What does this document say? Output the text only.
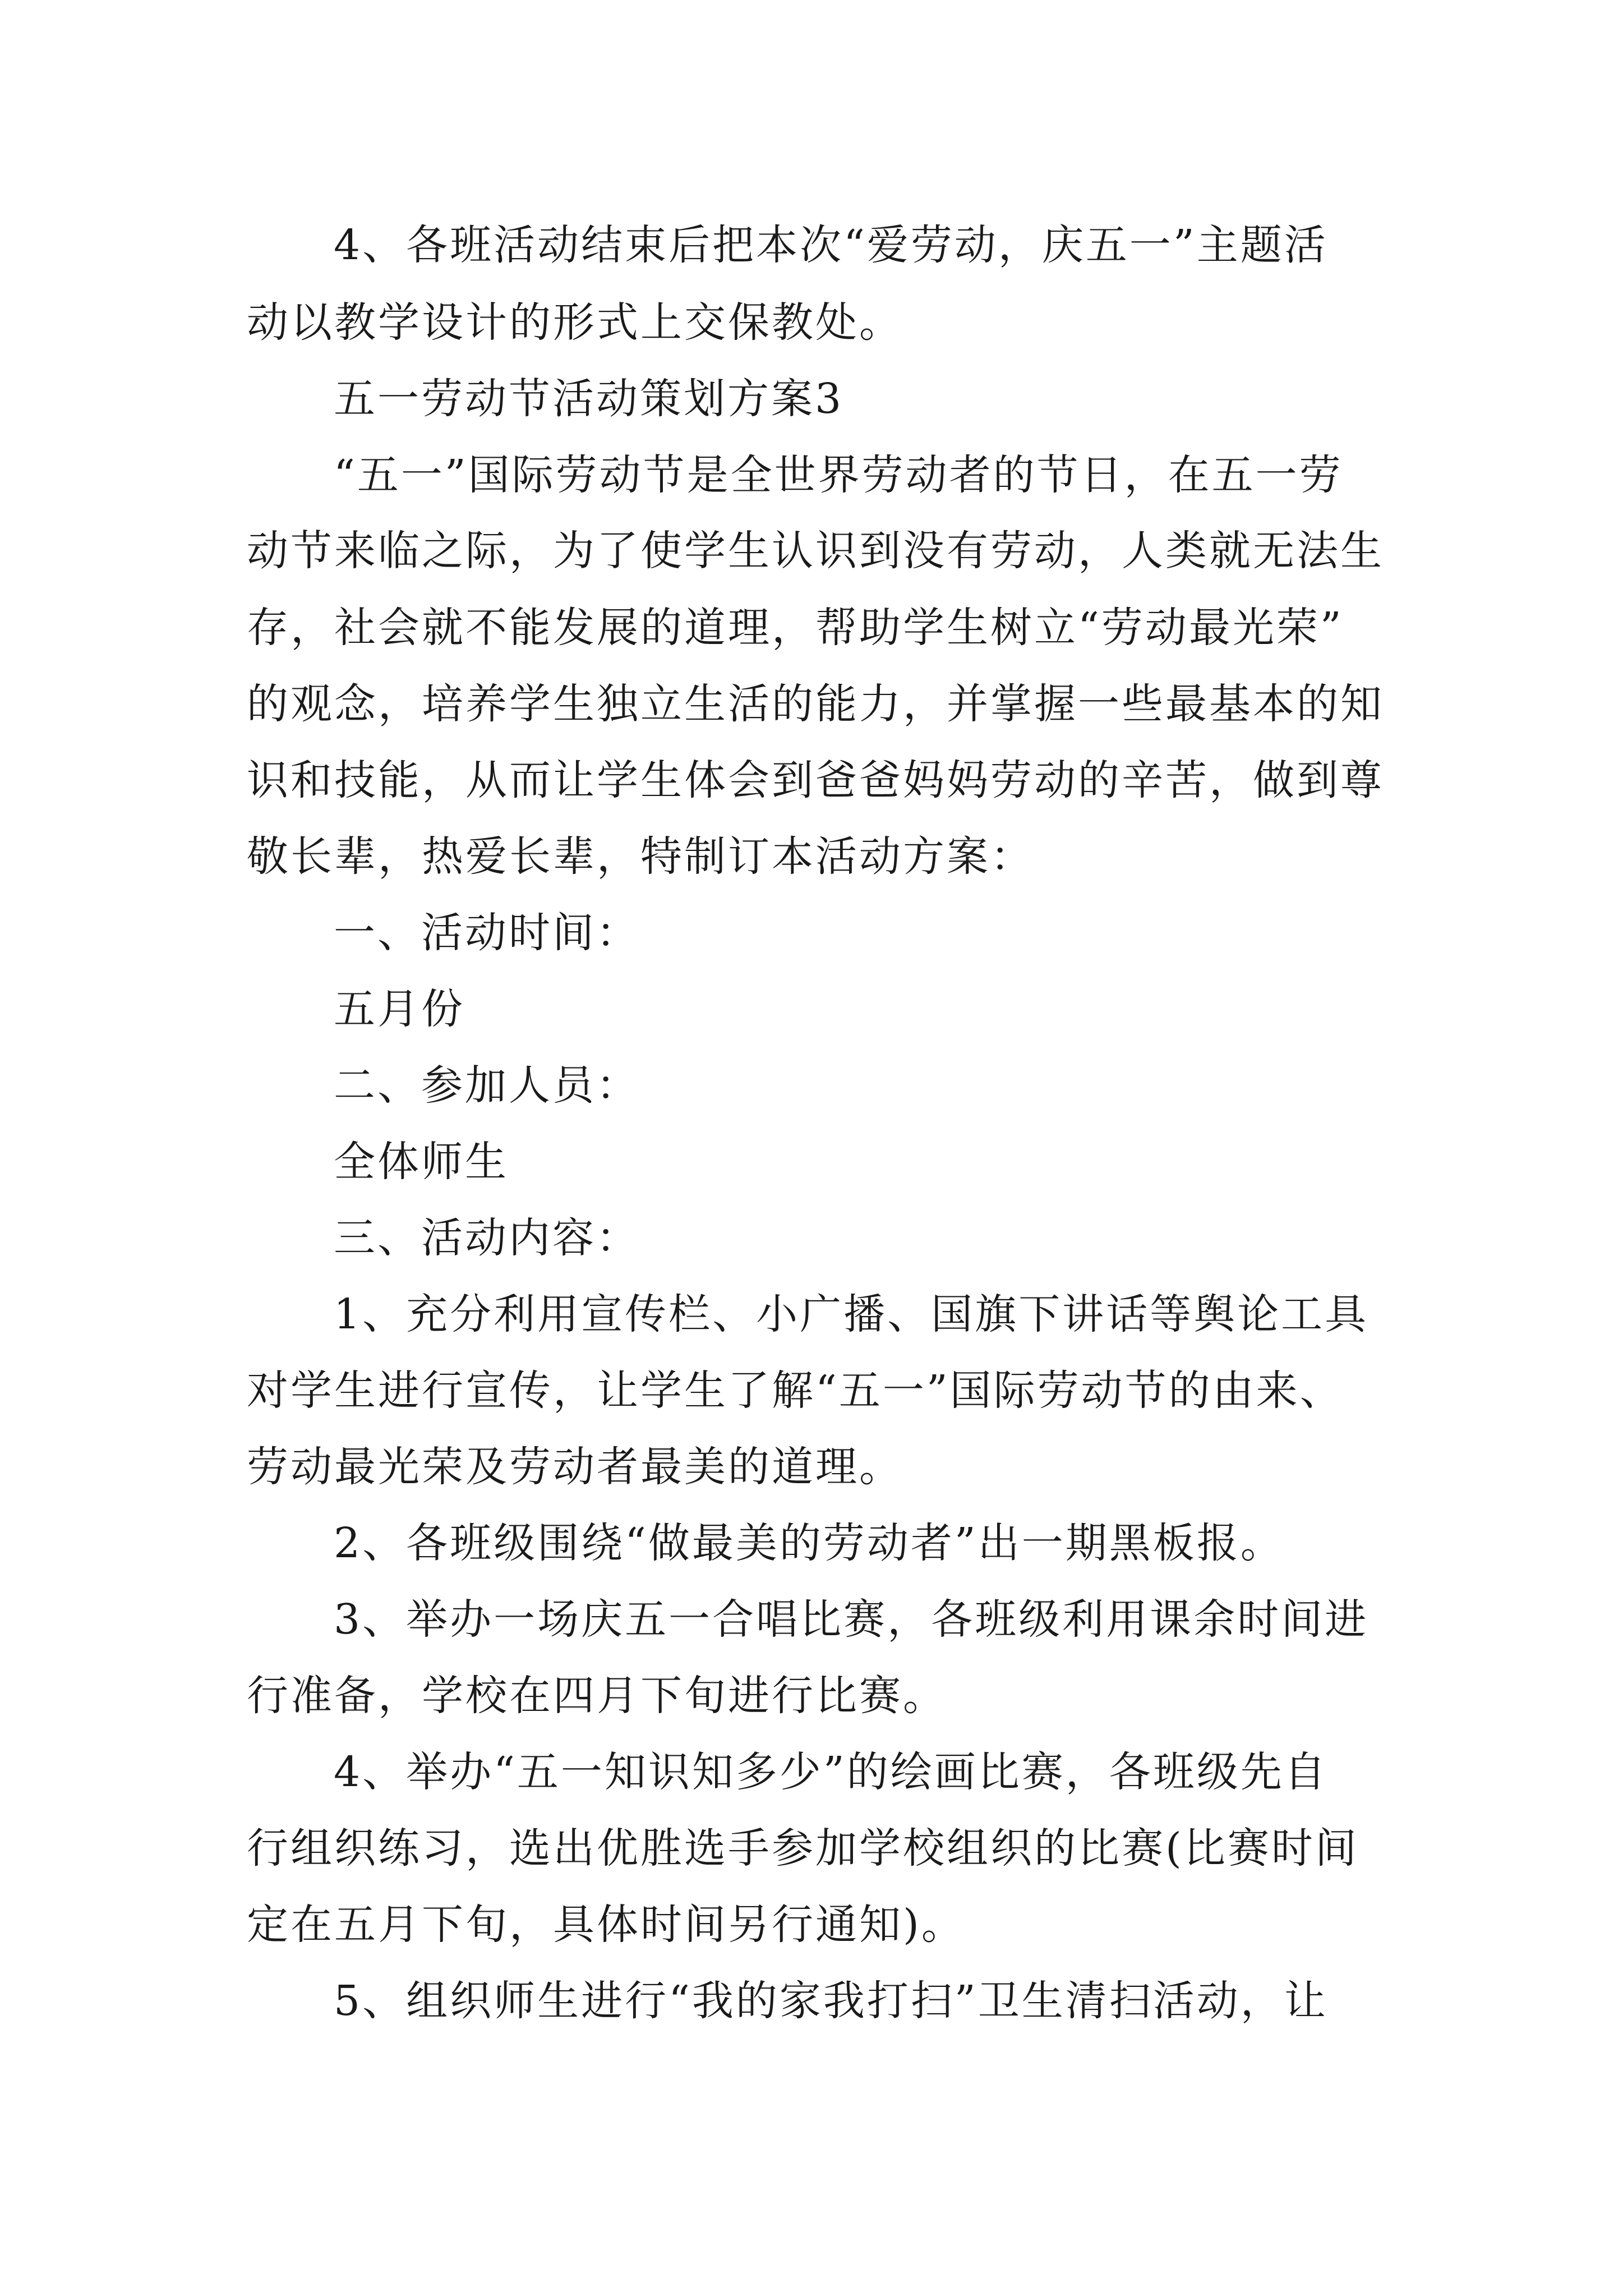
4、各班活动结束后把本次“爱劳动，庆五一”主题活
动以教学设计的形式上交保教处。
五一劳动节活动策划方案3
“五一”国际劳动节是全世界劳动者的节日，在五一劳
动节来临之际，为了使学生认识到没有劳动，人类就无法生
存，社会就不能发展的道理，帮助学生树立“劳动最光荣”
的观念，培养学生独立生活的能力，并掌握一些最基本的知
识和技能，从而让学生体会到爸爸妈妈劳动的辛苦，做到尊
敬长辈，热爱长辈，特制订本活动方案：
一、活动时间：
五月份
二、参加人员：
全体师生
三、活动内容：
1、充分利用宣传栏、小广播、国旗下讲话等舆论工具
对学生进行宣传，让学生了解“五一”国际劳动节的由来、
劳动最光荣及劳动者最美的道理。
2、各班级围绕“做最美的劳动者”出一期黑板报。
3、举办一场庆五一合唱比赛，各班级利用课余时间进
行准备，学校在四月下旬进行比赛。
4、举办“五一知识知多少”的绘画比赛，各班级先自
行组织练习，选出优胜选手参加学校组织的比赛(比赛时间
定在五月下旬，具体时间另行通知)。
5、组织师生进行“我的家我打扫”卫生清扫活动，让
